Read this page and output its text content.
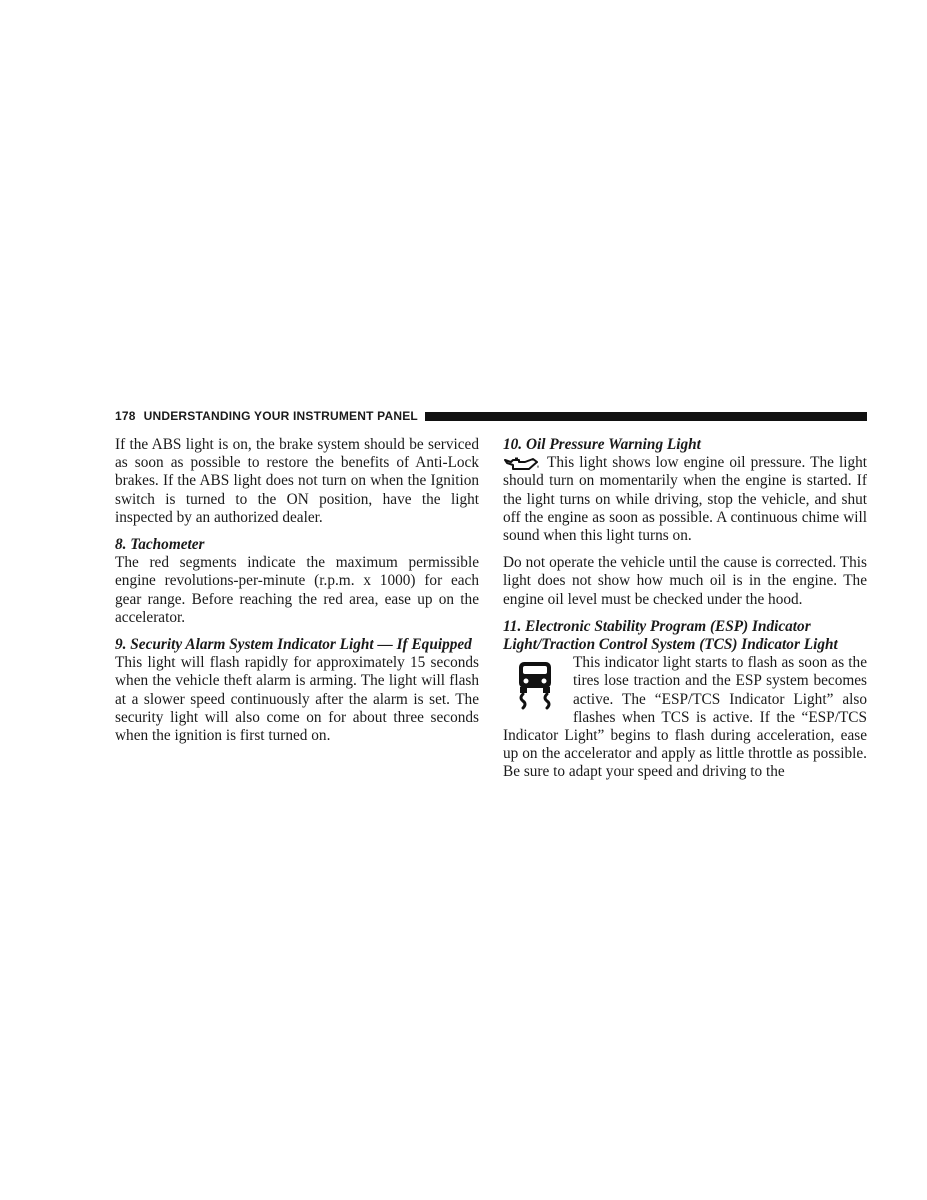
178 UNDERSTANDING YOUR INSTRUMENT PANEL

If the ABS light is on, the brake system should be serviced as soon as possible to restore the benefits of Anti-Lock brakes. If the ABS light does not turn on when the Ignition switch is turned to the ON position, have the light inspected by an authorized dealer.

8. Tachometer

The red segments indicate the maximum permissible engine revolutions-per-minute (r.p.m. x 1000) for each gear range. Before reaching the red area, ease up on the accelerator.

9. Security Alarm System Indicator Light — If Equipped

This light will flash rapidly for approximately 15 seconds when the vehicle theft alarm is arming. The light will flash at a slower speed continuously after the alarm is set. The security light will also come on for about three seconds when the ignition is first turned on.

10. Oil Pressure Warning Light

This light shows low engine oil pressure. The light should turn on momentarily when the engine is started. If the light turns on while driving, stop the vehicle, and shut off the engine as soon as possible. A continuous chime will sound when this light turns on.

Do not operate the vehicle until the cause is corrected. This light does not show how much oil is in the engine. The engine oil level must be checked under the hood.

11. Electronic Stability Program (ESP) Indicator Light/Traction Control System (TCS) Indicator Light

This indicator light starts to flash as soon as the tires lose traction and the ESP system becomes active. The “ESP/TCS Indicator Light” also flashes when TCS is active. If the “ESP/TCS Indicator Light” begins to flash during acceleration, ease up on the accelerator and apply as little throttle as possible. Be sure to adapt your speed and driving to the
